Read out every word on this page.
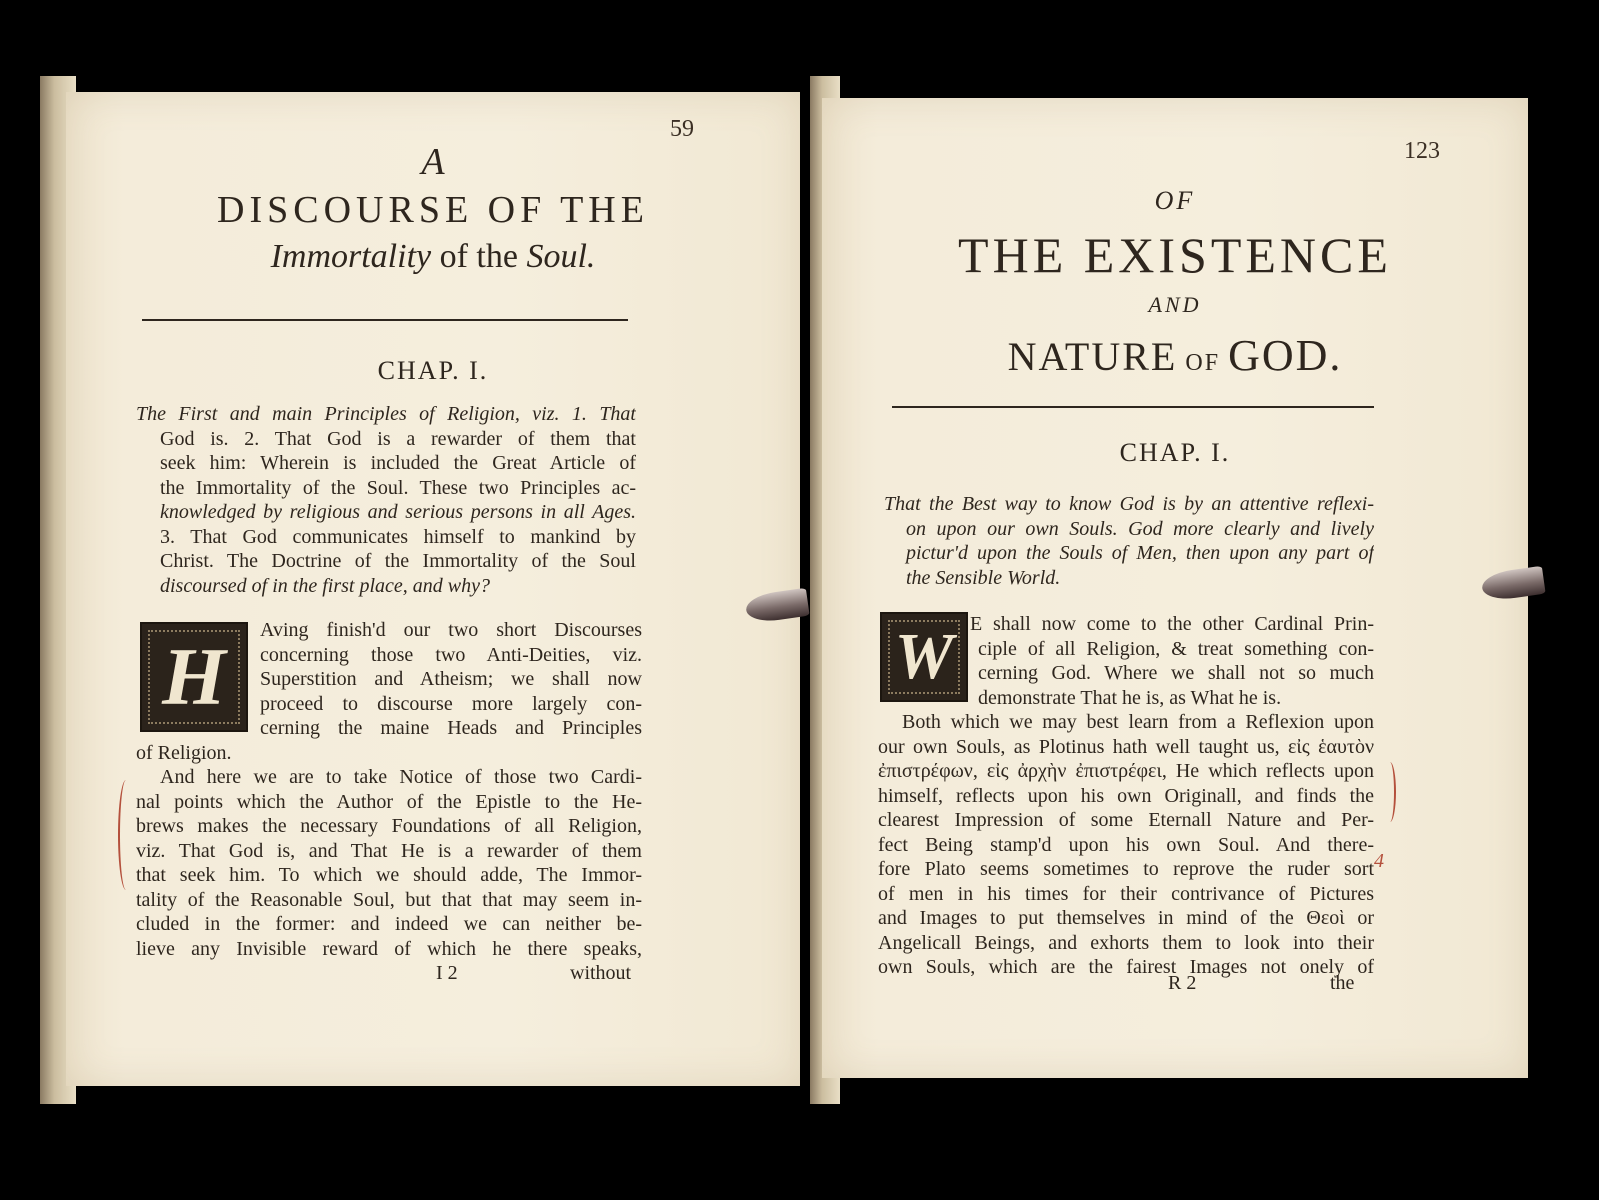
59
A
DISCOURSE OF THE
Immortality of the Soul.
CHAP. I.
The First and main Principles of Religion, viz. 1. That
God is. 2. That God is a rewarder of them that
seek him: Wherein is included the Great Article of
the Immortality of the Soul. These two Principles ac-
knowledged by religious and serious persons in all Ages.
3. That God communicates himself to mankind by
Christ. The Doctrine of the Immortality of the Soul
discoursed of in the first place, and why?
H
Aving finish'd our two short Discourses
concerning those two Anti-Deities, viz.
Superstition and Atheism; we shall now
proceed to discourse more largely con-
cerning the maine Heads and Principles
of Religion.
And here we are to take Notice of those two Cardi-
nal points which the Author of the Epistle to the He-
brews makes the necessary Foundations of all Religion,
viz. That God is, and That He is a rewarder of them
that seek him. To which we should adde, The Immor-
tality of the Reasonable Soul, but that that may seem in-
cluded in the former: and indeed we can neither be-
lieve any Invisible reward of which he there speaks,
I 2	without
123
OF
THE EXISTENCE
AND
NATURE OF GOD.
CHAP. I.
That the Best way to know God is by an attentive reflexi-
on upon our own Souls. God more clearly and lively
pictur'd upon the Souls of Men, then upon any part of
the Sensible World.
W E shall now come to the other Cardinal Prin-
ciple of all Religion, & treat something con-
cerning God. Where we shall not so much
demonstrate That he is, as What he is.
Both which we may best learn from a Reflexion upon
our own Souls, as Plotinus hath well taught us, εἰς ἑαυτὸν
ἐπιστρέφων, εἰς ἀρχὴν ἐπιστρέφει, He which reflects upon
himself, reflects upon his own Originall, and finds the
clearest Impression of some Eternall Nature and Per-
fect Being stamp'd upon his own Soul. And there-
fore Plato seems sometimes to reprove the ruder sort
of men in his times for their contrivance of Pictures
and Images to put themselves in mind of the Θεοὶ or
Angelicall Beings, and exhorts them to look into their
own Souls, which are the fairest Images not onely of
R 2	the
4
